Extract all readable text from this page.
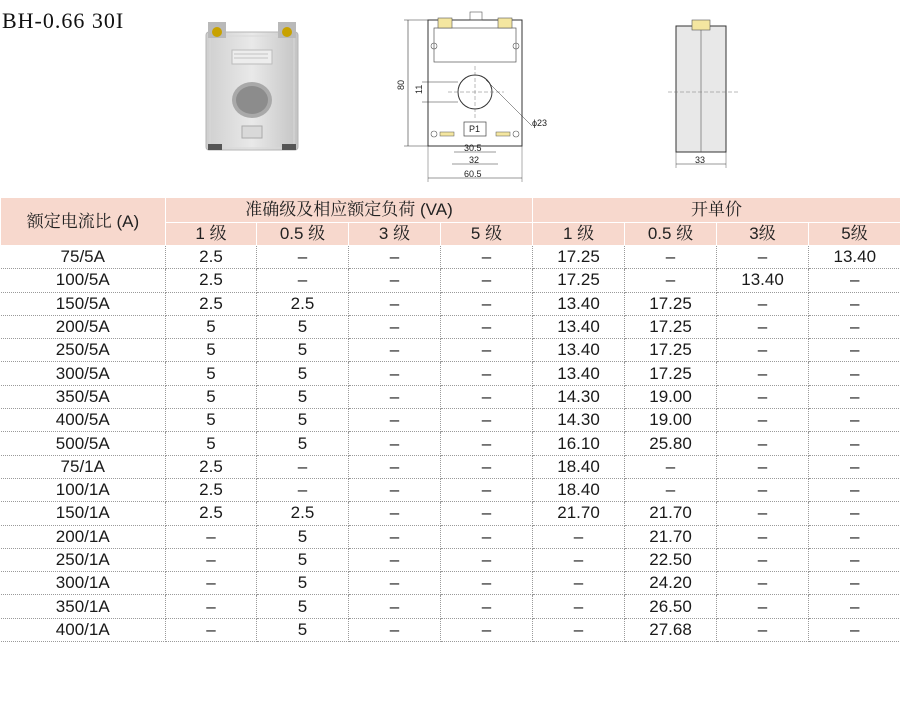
BH-0.66 30I
P1
80 11
ϕ23
30.5
32
60.5
33
额定电流比 (A)	准确级及相应额定负荷 (VA)				开单价			
	1 级	0.5 级	3 级	5 级	1 级	0.5 级	3级	5级
75/5A	2.5	–	–	–	17.25	–	–	13.40
100/5A	2.5	–	–	–	17.25	–	13.40	–
150/5A	2.5	2.5	–	–	13.40	17.25	–	–
200/5A	5	5	–	–	13.40	17.25	–	–
250/5A	5	5	–	–	13.40	17.25	–	–
300/5A	5	5	–	–	13.40	17.25	–	–
350/5A	5	5	–	–	14.30	19.00	–	–
400/5A	5	5	–	–	14.30	19.00	–	–
500/5A	5	5	–	–	16.10	25.80	–	–
75/1A	2.5	–	–	–	18.40	–	–	–
100/1A	2.5	–	–	–	18.40	–	–	–
150/1A	2.5	2.5	–	–	21.70	21.70	–	–
200/1A	–	5	–	–	–	21.70	–	–
250/1A	–	5	–	–	–	22.50	–	–
300/1A	–	5	–	–	–	24.20	–	–
350/1A	–	5	–	–	–	26.50	–	–
400/1A	–	5	–	–	–	27.68	–	–
